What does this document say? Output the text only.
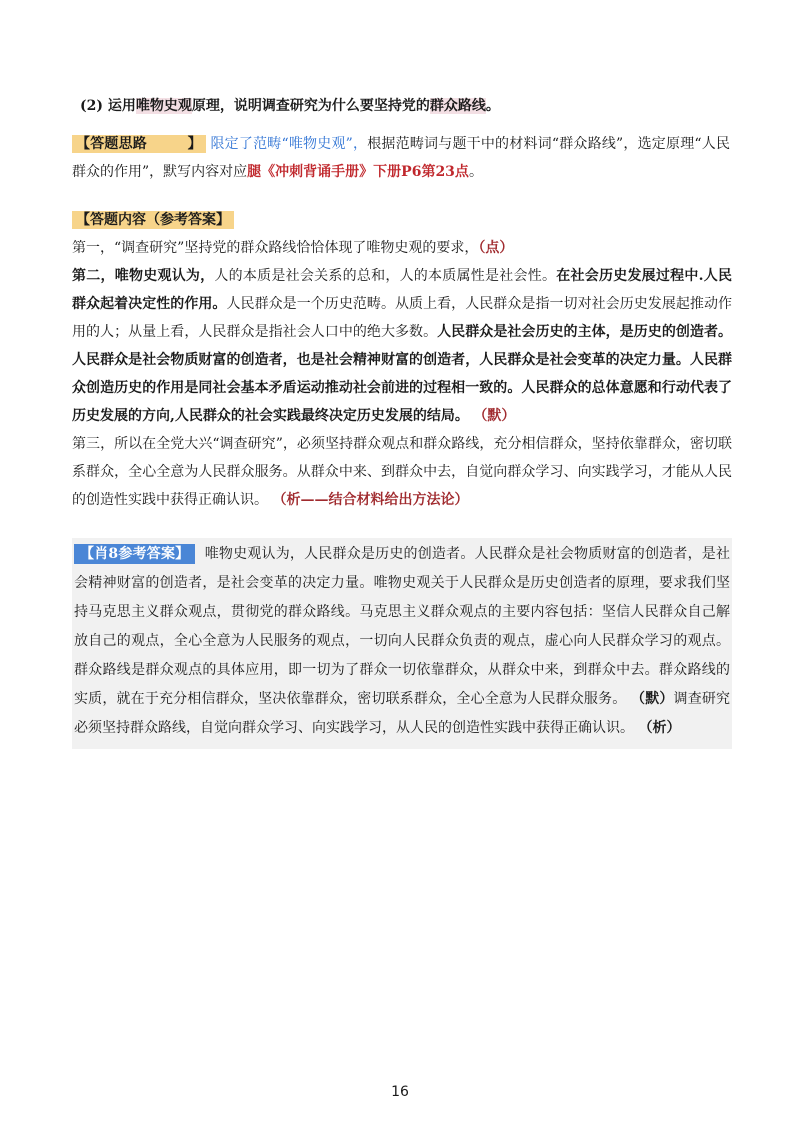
(2) 运用唯物史观原理，说明调查研究为什么要坚持党的群众路线。
【答题思路        】 限定了范畴“唯物史观”，根据范畴词与题干中的材料词“群众路线”，选定原理“人民群众的作用”，默写内容对应腿《冲刺背诵手册》下册P6第23点。
【答题内容（参考答案】
第一，“调查研究”坚持党的群众路线恰恰体现了唯物史观的要求，（点）
第二，唯物史观认为，人的本质是社会关系的总和，人的本质属性是社会性。在社会历史发展过程中.人民群众起着决定性的作用。人民群众是一个历史范畴。从质上看，人民群众是指一切对社会历史发展起推动作用的人；从量上看，人民群众是指社会人口中的绝大多数。人民群众是社会历史的主体，是历史的创造者。人民群众是社会物质财富的创造者，也是社会精神财富的创造者，人民群众是社会变革的决定力量。人民群众创造历史的作用是同社会基本矛盾运动推动社会前进的过程相一致的。人民群众的总体意愿和行动代表了历史发展的方向,人民群众的社会实践最终决定历史发展的结局。 （默）
第三，所以在全党大兴“调查研究”，必须坚持群众观点和群众路线，充分相信群众，坚持依靠群众，密切联系群众，全心全意为人民群众服务。从群众中来、到群众中去，自觉向群众学习、向实践学习，才能从人民的创造性实践中获得正确认识。 （析——结合材料给出方法论）
【肖8参考答案】 唯物史观认为，人民群众是历史的创造者。人民群众是社会物质财富的创造者，是社会精神财富的创造者，是社会变革的决定力量。唯物史观关于人民群众是历史创造者的原理，要求我们坚持马克思主义群众观点，贯彻党的群众路线。马克思主义群众观点的主要内容包括：坚信人民群众自己解放自己的观点，全心全意为人民服务的观点，一切向人民群众负责的观点，虚心向人民群众学习的观点。群众路线是群众观点的具体应用，即一切为了群众一切依靠群众，从群众中来，到群众中去。群众路线的实质，就在于充分相信群众，坚决依靠群众，密切联系群众，全心全意为人民群众服务。 （默）调查研究必须坚持群众路线，自觉向群众学习、向实践学习，从人民的创造性实践中获得正确认识。 （析）
16
